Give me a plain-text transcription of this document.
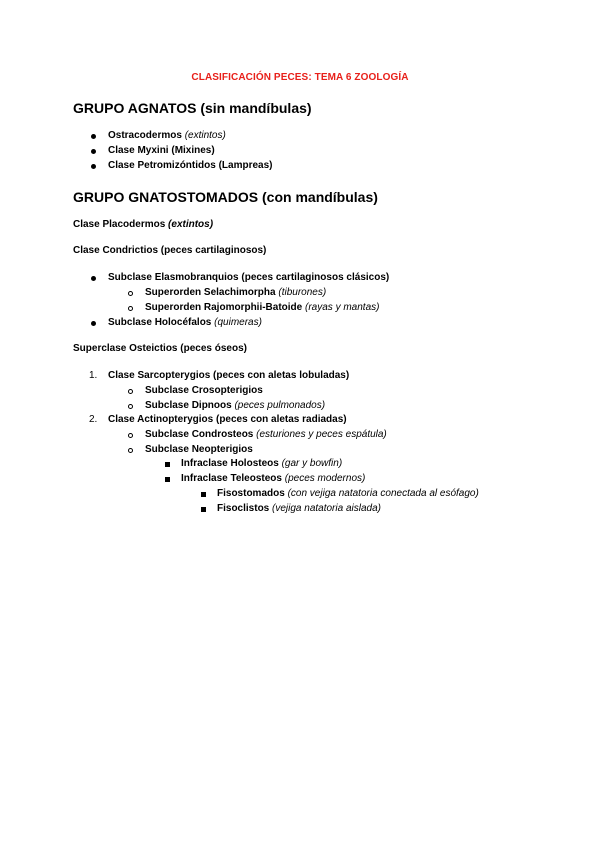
CLASIFICACIÓN PECES: TEMA 6 ZOOLOGÍA
GRUPO AGNATOS (sin mandíbulas)
Ostracodermos (extintos)
Clase Myxini (Mixines)
Clase Petromizóntidos (Lampreas)
GRUPO GNATOSTOMADOS (con mandíbulas)
Clase Placodermos (extintos)
Clase Condrictios (peces cartilaginosos)
Subclase Elasmobranquios (peces cartilaginosos clásicos)
Superorden Selachimorpha (tiburones)
Superorden Rajomorphii-Batoide (rayas y mantas)
Subclase Holocéfalos (quimeras)
Superclase Osteictios (peces óseos)
1. Clase Sarcopterygios (peces con aletas lobuladas)
Subclase Crosopterigios
Subclase Dipnoos (peces pulmonados)
2. Clase Actinopterygios (peces con aletas radiadas)
Subclase Condrosteos (esturiones y peces espátula)
Subclase Neopterigios
Infraclase Holosteos (gar y bowfin)
Infraclase Teleosteos (peces modernos)
Fisostomados (con vejiga natatoria conectada al esófago)
Fisoclistos (vejiga natatoria aislada)
